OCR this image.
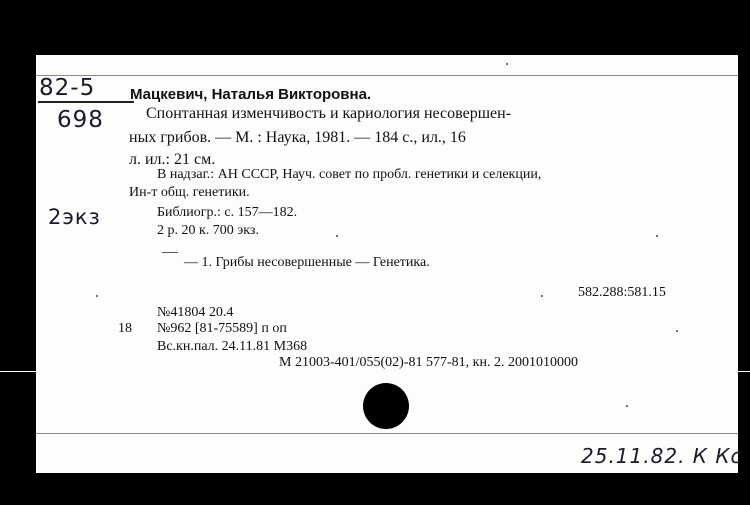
82-5
698
Мацкевич, Наталья Викторовна.
Спонтанная изменчивость и кариология несовершен-
ных грибов. — М. : Наука, 1981. — 184 с., ил., 16
л. ил.: 21 см.
В надзаг.: АН СССР, Науч. совет по пробл. генетики и селекции,
Ин-т общ. генетики.
2экз	Библиогр.: с. 157—182.
2 р. 20 к. 700 экз.
— 1. Грибы несовершенные — Генетика.
582.288:581.15
№41804 20.4
18 №962 [81-75589] п оп
Вс.кн.пал. 24.11.81 М368
М 21003-401/055(02)-81 577-81, кн. 2. 2001010000
25.11.82. К Кс
